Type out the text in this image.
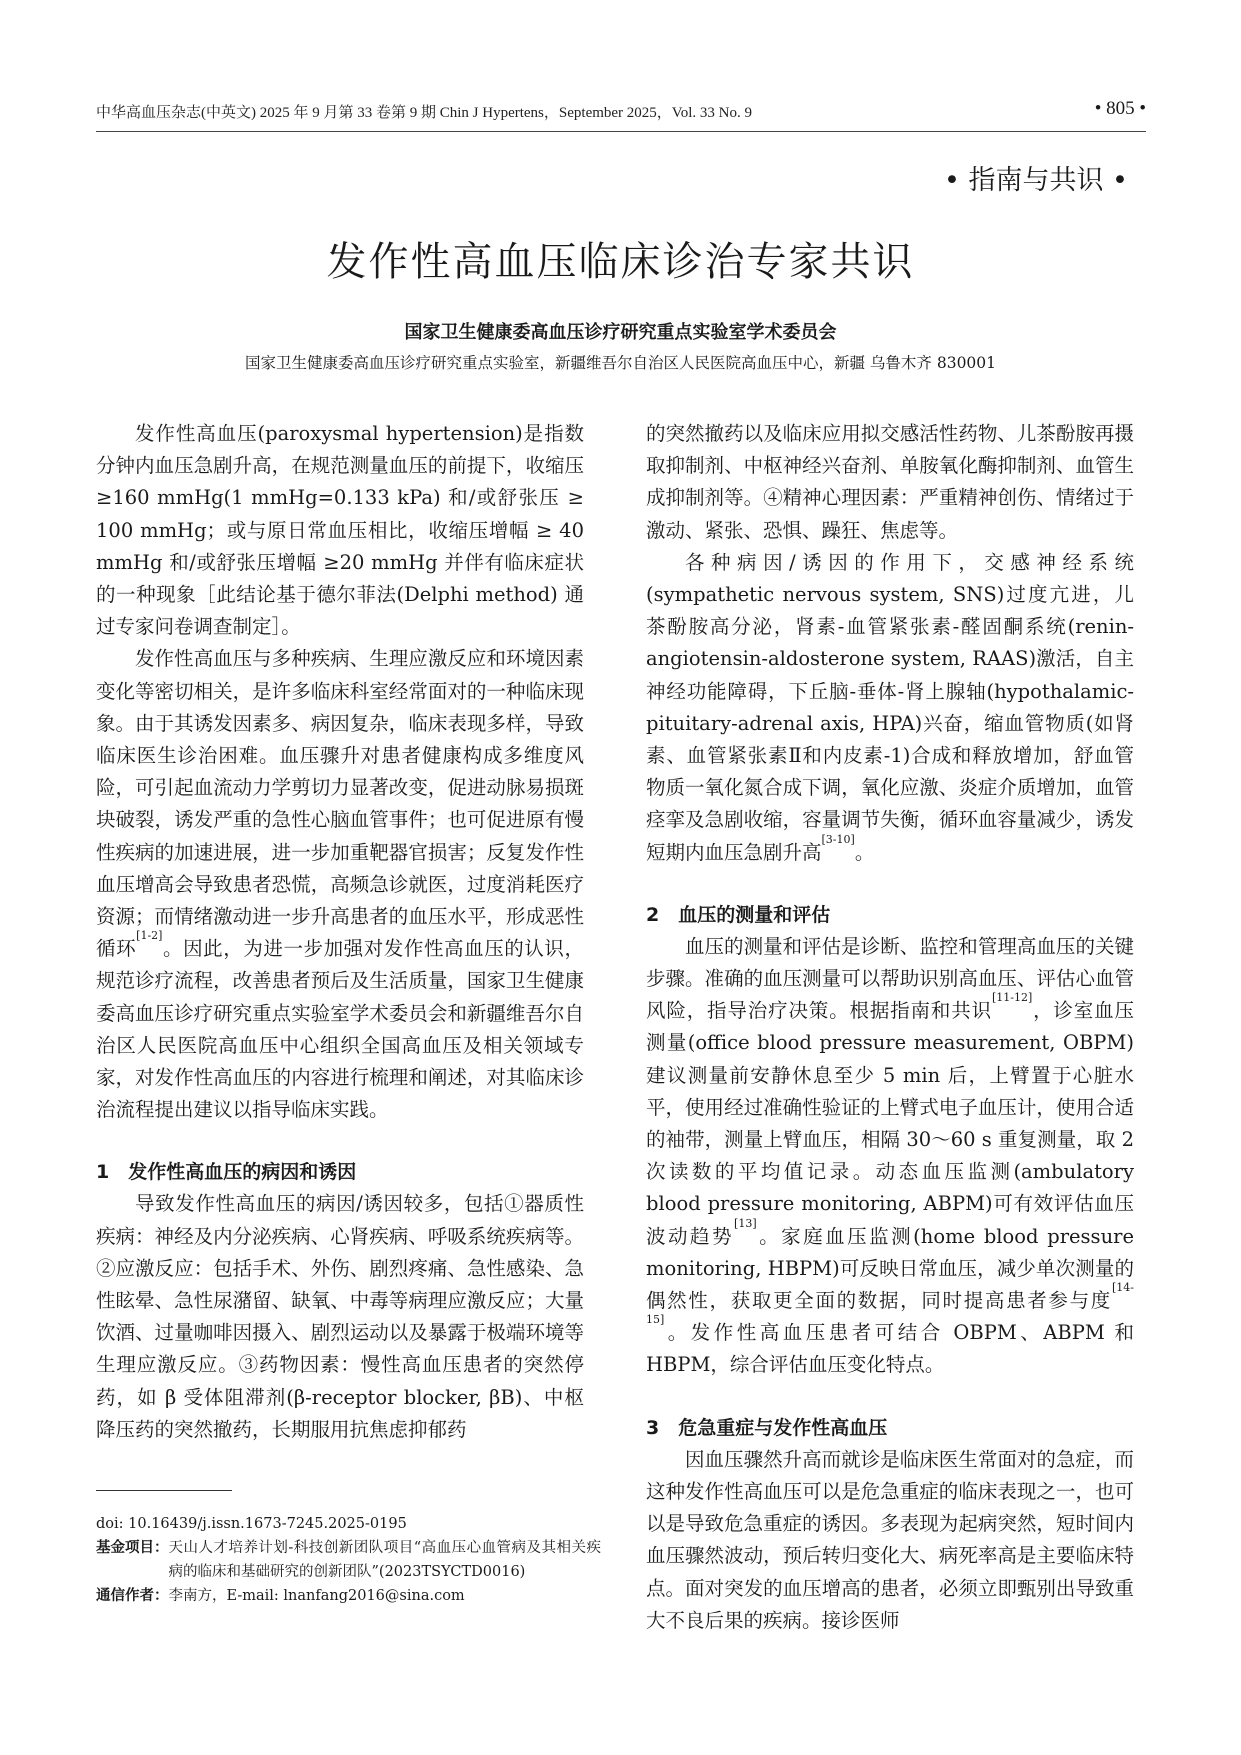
中华高血压杂志(中英文) 2025 年 9 月第 33 卷第 9 期 Chin J Hypertens，September 2025，Vol. 33 No. 9	• 805 •
• 指南与共识 •
发作性高血压临床诊治专家共识
国家卫生健康委高血压诊疗研究重点实验室学术委员会
国家卫生健康委高血压诊疗研究重点实验室，新疆维吾尔自治区人民医院高血压中心，新疆 乌鲁木齐 830001

发作性高血压(paroxysmal hypertension)是指数分钟内血压急剧升高，在规范测量血压的前提下，收缩压 ≥160 mmHg(1 mmHg=0.133 kPa) 和/或舒张压 ≥ 100 mmHg；或与原日常血压相比，收缩压增幅 ≥ 40 mmHg 和/或舒张压增幅 ≥20 mmHg 并伴有临床症状的一种现象［此结论基于德尔菲法(Delphi method) 通过专家问卷调查制定］。

发作性高血压与多种疾病、生理应激反应和环境因素变化等密切相关，是许多临床科室经常面对的一种临床现象。由于其诱发因素多、病因复杂，临床表现多样，导致临床医生诊治困难。血压骤升对患者健康构成多维度风险，可引起血流动力学剪切力显著改变，促进动脉易损斑块破裂，诱发严重的急性心脑血管事件；也可促进原有慢性疾病的加速进展，进一步加重靶器官损害；反复发作性血压增高会导致患者恐慌，高频急诊就医，过度消耗医疗资源；而情绪激动进一步升高患者的血压水平，形成恶性循环[1-2]。因此，为进一步加强对发作性高血压的认识，规范诊疗流程，改善患者预后及生活质量，国家卫生健康委高血压诊疗研究重点实验室学术委员会和新疆维吾尔自治区人民医院高血压中心组织全国高血压及相关领域专家，对发作性高血压的内容进行梳理和阐述，对其临床诊治流程提出建议以指导临床实践。

1　发作性高血压的病因和诱因

导致发作性高血压的病因/诱因较多，包括①器质性疾病：神经及内分泌疾病、心肾疾病、呼吸系统疾病等。②应激反应：包括手术、外伤、剧烈疼痛、急性感染、急性眩晕、急性尿潴留、缺氧、中毒等病理应激反应；大量饮酒、过量咖啡因摄入、剧烈运动以及暴露于极端环境等生理应激反应。③药物因素：慢性高血压患者的突然停药，如 β 受体阻滞剂(β-receptor blocker, βB)、中枢降压药的突然撤药，长期服用抗焦虑抑郁药

的突然撤药以及临床应用拟交感活性药物、儿茶酚胺再摄取抑制剂、中枢神经兴奋剂、单胺氧化酶抑制剂、血管生成抑制剂等。④精神心理因素：严重精神创伤、情绪过于激动、紧张、恐惧、躁狂、焦虑等。

各种病因/诱因的作用下，交感神经系统(sympathetic nervous system, SNS)过度亢进，儿茶酚胺高分泌，肾素-血管紧张素-醛固酮系统(renin-angiotensin-aldosterone system, RAAS)激活，自主神经功能障碍，下丘脑-垂体-肾上腺轴(hypothalamic-pituitary-adrenal axis, HPA)兴奋，缩血管物质(如肾素、血管紧张素Ⅱ和内皮素-1)合成和释放增加，舒血管物质一氧化氮合成下调，氧化应激、炎症介质增加，血管痉挛及急剧收缩，容量调节失衡，循环血容量减少，诱发短期内血压急剧升高[3-10]。

2　血压的测量和评估

血压的测量和评估是诊断、监控和管理高血压的关键步骤。准确的血压测量可以帮助识别高血压、评估心血管风险，指导治疗决策。根据指南和共识[11-12]，诊室血压测量(office blood pressure measurement, OBPM)建议测量前安静休息至少 5 min 后，上臂置于心脏水平，使用经过准确性验证的上臂式电子血压计，使用合适的袖带，测量上臂血压，相隔 30～60 s 重复测量，取 2 次读数的平均值记录。动态血压监测(ambulatory blood pressure monitoring, ABPM)可有效评估血压波动趋势[13]。家庭血压监测(home blood pressure monitoring, HBPM)可反映日常血压，减少单次测量的偶然性，获取更全面的数据，同时提高患者参与度[14-15]。发作性高血压患者可结合 OBPM、ABPM 和 HBPM，综合评估血压变化特点。

3　危急重症与发作性高血压

因血压骤然升高而就诊是临床医生常面对的急症，而这种发作性高血压可以是危急重症的临床表现之一，也可以是导致危急重症的诱因。多表现为起病突然，短时间内血压骤然波动，预后转归变化大、病死率高是主要临床特点。面对突发的血压增高的患者，必须立即甄别出导致重大不良后果的疾病。接诊医师

doi: 10.16439/j.issn.1673-7245.2025-0195
基金项目： 天山人才培养计划-科技创新团队项目“高血压心血管病及其相关疾病的临床和基础研究的创新团队”(2023TSYCTD0016)
通信作者： 李南方，E-mail: lnanfang2016@sina.com
